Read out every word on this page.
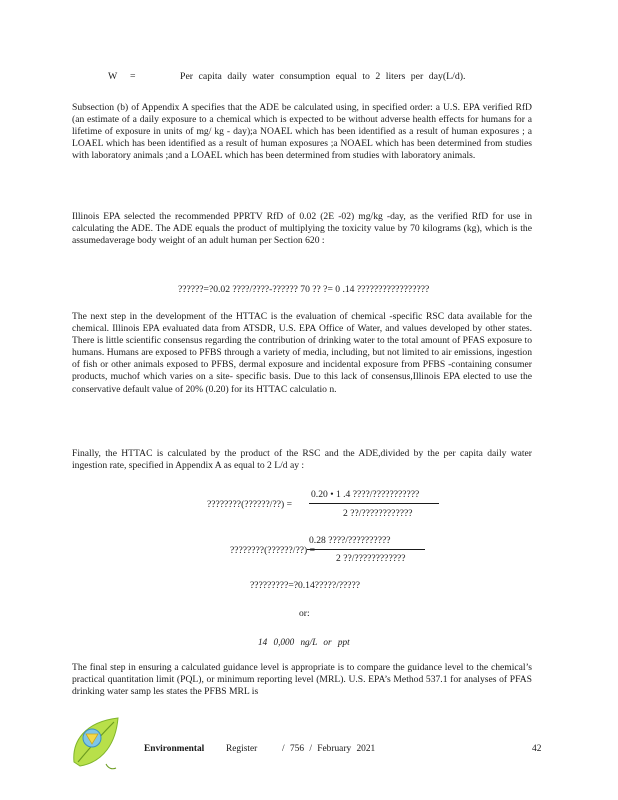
W =	Per capita daily water consumption equal to 2 liters per day(L/d).
Subsection (b) of Appendix A specifies that the ADE be calculated using, in specified order: a U.S. EPA verified RfD (an estimate of a daily exposure to a chemical which is expected to be without adverse health effects for humans for a lifetime of exposure in units of mg/ kg - day);a NOAEL which has been identified as a result of human exposures ; a LOAEL which has been identified as a result of human exposures ;a NOAEL which has been determined from studies with laboratory animals ;and a LOAEL which has been determined from studies with laboratory animals.
Illinois EPA selected the recommended PPRTV RfD of 0.02 (2E -02) mg/kg -day, as the verified RfD for use in calculating the ADE. The ADE equals the product of multiplying the toxicity value by 70 kilograms (kg), which is the assumedaverage body weight of an adult human per Section 620 :
??????=?0.02 ????/????-?????? 70 ?? ?= 0 .14 ?????????????????
The next step in the development of the HTTAC is the evaluation of chemical -specific RSC data available for the chemical. Illinois EPA evaluated data from ATSDR, U.S. EPA Office of Water, and values developed by other states. There is little scientific consensus regarding the contribution of drinking water to the total amount of PFAS exposure to humans. Humans are exposed to PFBS through a variety of media, including, but not limited to air emissions, ingestion of fish or other animals exposed to PFBS, dermal exposure and incidental exposure from PFBS -containing consumer products, muchof which varies on a site- specific basis. Due to this lack of consensus,Illinois EPA elected to use the conservative default value of 20% (0.20) for its HTTAC calculatio n.
Finally, the HTTAC is calculated by the product of the RSC and the ADE,divided by the per capita daily water ingestion rate, specified in Appendix A as equal to 2 L/d ay :
????????(??????/??) =
0.20 • 1 .4 ????/???????????
2 ??/????????????
????????(??????/??) =
0.28 ????/??????????
2 ??/????????????
?????????=?0.14?????/?????
or:
14 0,000 ng/L or ppt
The final step in ensuring a calculated guidance level is appropriate is to compare the guidance level to the chemical’s practical quantitation limit (PQL), or minimum reporting level (MRL). U.S. EPA’s Method 537.1 for analyses of PFAS drinking water samp les states the PFBS MRL is
Environmental Register	/ 756 / February 2021	42
